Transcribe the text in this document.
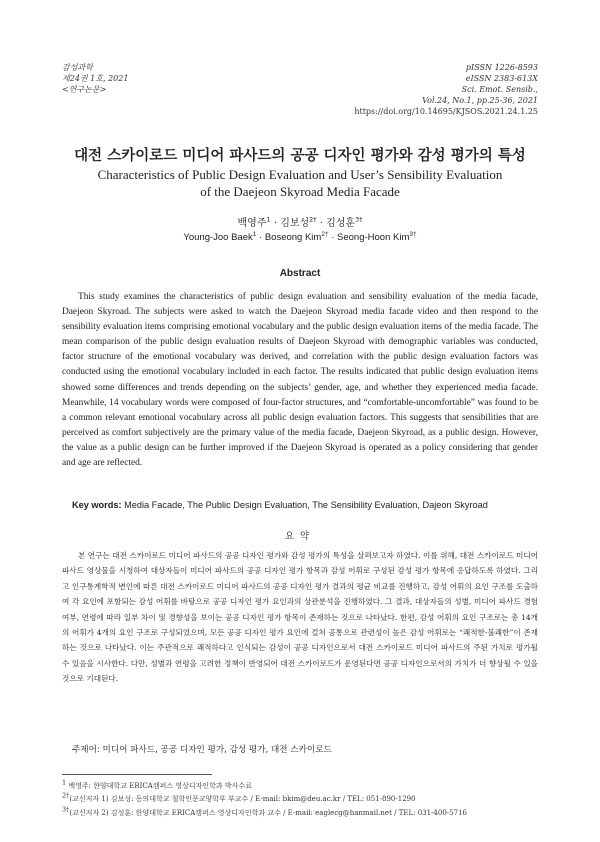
감성과학
제24권 1호, 2021
<연구논문>
pISSN 1226-8593
eISSN 2383-613X
Sci. Emot. Sensib.,
Vol.24, No.1, pp.25-36, 2021
https://doi.org/10.14695/KJSOS.2021.24.1.25
대전 스카이로드 미디어 파사드의 공공 디자인 평가와 감성 평가의 특성
Characteristics of Public Design Evaluation and User’s Sensibility Evaluation
of the Daejeon Skyroad Media Facade
백영주$^1$ · 김보성$^{2\dagger}$ · 김성훈$^{3\dagger}$
Young-Joo Baek$^1$ · Boseong Kim$^{2\dagger}$ · Seong-Hoon Kim$^{3\dagger}$
Abstract

This study examines the characteristics of public design evaluation and sensibility evaluation of the media facade, Daejeon Skyroad. The subjects were asked to watch the Daejeon Skyroad media facade video and then respond to the sensibility evaluation items comprising emotional vocabulary and the public design evaluation items of the media facade. The mean comparison of the public design evaluation results of Daejeon Skyroad with demographic variables was conducted, factor structure of the emotional vocabulary was derived, and correlation with the public design evaluation factors was conducted using the emotional vocabulary included in each factor. The results indicated that public design evaluation items showed some differences and trends depending on the subjects’ gender, age, and whether they experienced media facade. Meanwhile, 14 vocabulary words were composed of four-factor structures, and “comfortable-uncomfortable” was found to be a common relevant emotional vocabulary across all public design evaluation factors. This suggests that sensibilities that are perceived as comfort subjectively are the primary value of the media facade, Daejeon Skyroad, as a public design. However, the value as a public design can be further improved if the Daejeon Skyroad is operated as a policy considering that gender and age are reflected.

Key words: Media Facade, The Public Design Evaluation, The Sensibility Evaluation, Dajeon Skyroad
요약

본 연구는 대전 스카이로드 미디어 파사드의 공공 디자인 평가와 감성 평가의 특성을 살펴보고자 하였다. 이를 위해, 대전 스카이로드 미디어 파사드 영상물을 시청하여 대상자들이 미디어 파사드의 공공 디자인 평가 항목과 감성 어휘로 구성된 감성 평가 항목에 응답하도록 하였다. 그리고 인구통계학적 변인에 따른 대전 스카이로드 미디어 파사드의 공공 디자인 평가 결과의 평균 비교를 진행하고, 감성 어휘의 요인 구조를 도출하여 각 요인에 포함되는 감성 어휘를 바탕으로 공공 디자인 평가 요인과의 상관분석을 진행하였다. 그 결과, 대상자들의 성별, 미디어 파사드 경험 여부, 연령에 따라 일부 차이 및 경향성을 보이는 공공 디자인 평가 항목이 존재하는 것으로 나타났다. 한편, 감성 어휘의 요인 구조로는 총 14개의 어휘가 4개의 요인 구조로 구성되었으며, 모든 공공 디자인 평가 요인에 걸쳐 공통으로 관련성이 높은 감성 어휘로는 “쾌적한-불쾌한”이 존재하는 것으로 나타났다. 이는 주관적으로 쾌적하다고 인식되는 감성이 공공 디자인으로서 대전 스카이로드 미디어 파사드의 주된 가치로 평가될 수 있음을 시사한다. 다만, 성별과 연령을 고려한 정책이 반영되어 대전 스카이로드가 운영된다면 공공 디자인으로서의 가치가 더 향상될 수 있을 것으로 기대된다.

주제어: 미디어 파사드, 공공 디자인 평가, 감성 평가, 대전 스카이로드
$^1$ 백영주: 한양대학교 ERICA캠퍼스 영상디자인학과 박사수료
$^{2\dagger}$(교신저자 1) 김보성: 동의대학교 철학인문교양학부 부교수 / E-mail: bkim@deu.ac.kr / TEL: 051-890-1290
$^{3\dagger}$(교신저자 2) 김성훈: 한양대학교 ERICA캠퍼스 영상디자인학과 교수 / E-mail: eaglecg@hanmail.net / TEL: 031-400-5716
